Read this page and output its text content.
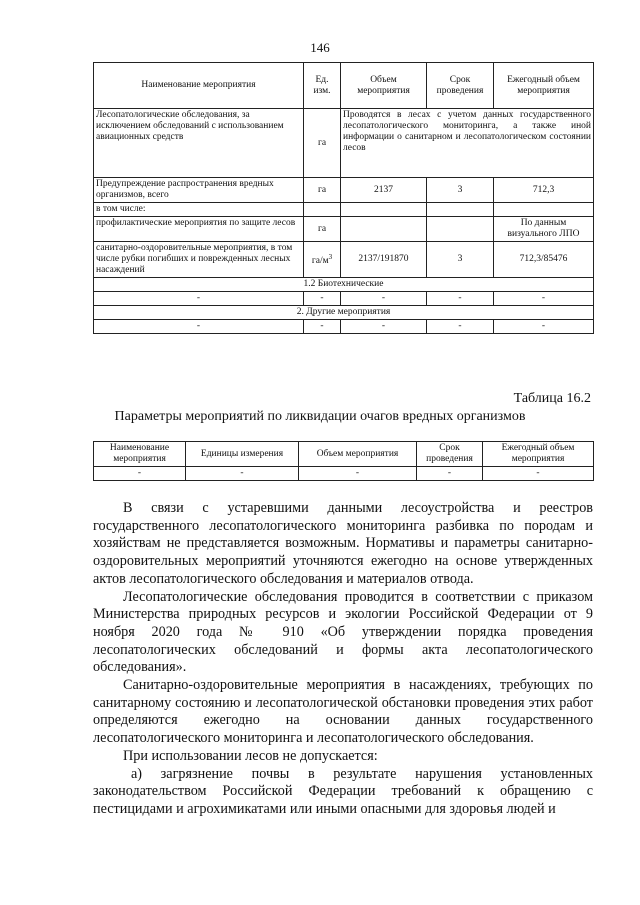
146
Наименование мероприятия	Ед. изм.	Объем мероприятия	Срок проведения	Ежегодный объем мероприятия
Лесопатологические обследования, за исключением обследований с использованием авиационных средств	га	Проводятся в лесах с учетом данных государственного лесопатологического мониторинга, а также иной информации о санитарном и лесопатологическом состоянии лесов		
Предупреждение распространения вредных организмов, всего	га	2137	3	712,3
в том числе:				
профилактические мероприятия по защите лесов	га			По данным визуального ЛПО
санитарно-оздоровительные мероприятия, в том числе рубки погибших и поврежденных лесных насаждений	$га/м^3$	2137/191870	3	712,3/85476
1.2 Биотехнические				
-	-	-	-	-
2. Другие мероприятия				
-	-	-	-	-
Таблица 16.2
Параметры мероприятий по ликвидации очагов вредных организмов
Наименование мероприятия	Единицы измерения	Объем мероприятия	Срок проведения	Ежегодный объем мероприятия
-	-	-	-	-

В связи с устаревшими данными лесоустройства и реестров государственного лесопатологического мониторинга разбивка по породам и хозяйствам не представляется возможным. Нормативы и параметры санитарно-оздоровительных мероприятий уточняются ежегодно на основе утвержденных актов лесопатологического обследования и материалов отвода.

Лесопатологические обследования проводится в соответствии с приказом Министерства природных ресурсов и экологии Российской Федерации от 9 ноября 2020 года № 910 «Об утверждении порядка проведения лесопатологических обследований и формы акта лесопатологического обследования».

Санитарно-оздоровительные мероприятия в насаждениях, требующих по санитарному состоянию и лесопатологической обстановки проведения этих работ определяются ежегодно на основании данных государственного лесопатологического мониторинга и лесопатологического обследования.

При использовании лесов не допускается:

а) загрязнение почвы в результате нарушения установленных законодательством Российской Федерации требований к обращению с пестицидами и агрохимикатами или иными опасными для здоровья людей и
